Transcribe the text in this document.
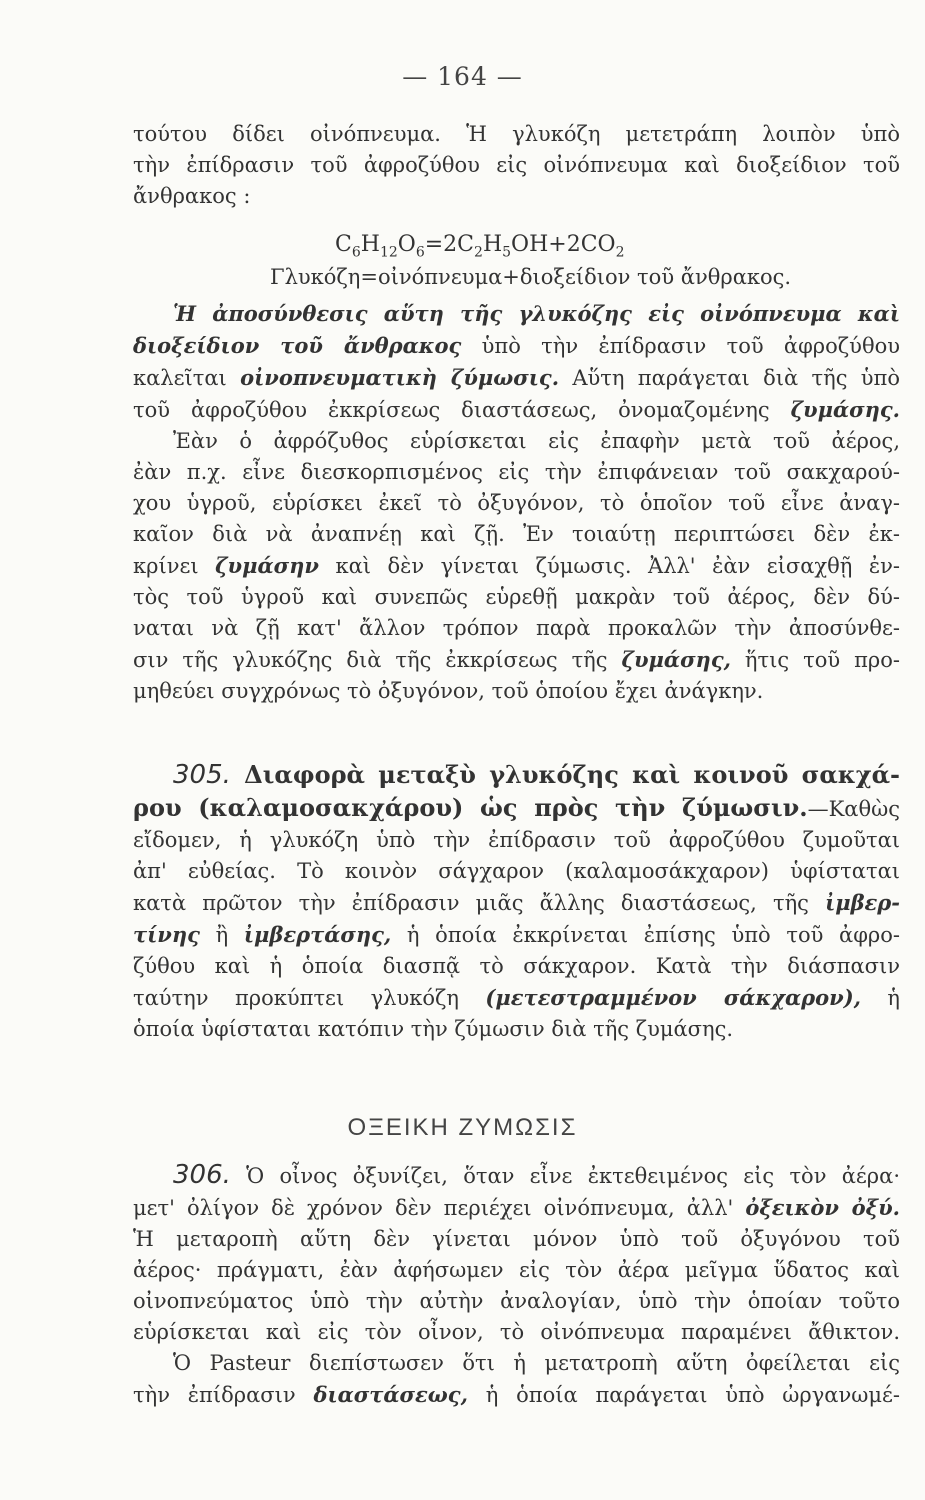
— 164 —
τούτου δίδει οἰνόπνευμα. Ἡ γλυκόζη μετετράπη λοιπὸν ὑπὸ
τὴν ἐπίδρασιν τοῦ ἀφροζύθου εἰς οἰνόπνευμα καὶ διοξείδιον τοῦ
ἄνθρακος :
$C_6H_{12}O_6=2C_2H_5OH+2CO_2$
Γλυκόζη=οἰνόπνευμα+διοξείδιον τοῦ ἄνθρακος.
Ἡ ἀποσύνθεσις αὕτη τῆς γλυκόζης εἰς οἰνόπνευμα καὶ
διοξείδιον τοῦ ἄνθρακος ὑπὸ τὴν ἐπίδρασιν τοῦ ἀφροζύθου
καλεῖται οἰνοπνευματικὴ ζύμωσις. Αὕτη παράγεται διὰ τῆς ὑπὸ
τοῦ ἀφροζύθου ἐκκρίσεως διαστάσεως, ὀνομαζομένης ζυμάσης.
Ἐὰν ὁ ἀφρόζυθος εὑρίσκεται εἰς ἐπαφὴν μετὰ τοῦ ἀέρος,
ἐὰν π.χ. εἶνε διεσκορπισμένος εἰς τὴν ἐπιφάνειαν τοῦ σακχαρού-
χου ὑγροῦ, εὑρίσκει ἐκεῖ τὸ ὀξυγόνον, τὸ ὁποῖον τοῦ εἶνε ἀναγ-
καῖον διὰ νὰ ἀναπνέῃ καὶ ζῇ. Ἐν τοιαύτῃ περιπτώσει δὲν ἐκ-
κρίνει ζυμάσην καὶ δὲν γίνεται ζύμωσις. Ἀλλ' ἐὰν εἰσαχθῇ ἐν-
τὸς τοῦ ὑγροῦ καὶ συνεπῶς εὑρεθῇ μακρὰν τοῦ ἀέρος, δὲν δύ-
ναται νὰ ζῇ κατ' ἄλλον τρόπον παρὰ προκαλῶν τὴν ἀποσύνθε-
σιν τῆς γλυκόζης διὰ τῆς ἐκκρίσεως τῆς ζυμάσης, ἥτις τοῦ προ-
μηθεύει συγχρόνως τὸ ὀξυγόνον, τοῦ ὁποίου ἔχει ἀνάγκην.
305. Διαφορὰ μεταξὺ γλυκόζης καὶ κοινοῦ σακχά-
ρου (καλαμοσακχάρου) ὡς πρὸς τὴν ζύμωσιν.—Καθὼς
εἴδομεν, ἡ γλυκόζη ὑπὸ τὴν ἐπίδρασιν τοῦ ἀφροζύθου ζυμοῦται
ἀπ' εὐθείας. Τὸ κοινὸν σάγχαρον (καλαμοσάκχαρον) ὑφίσταται
κατὰ πρῶτον τὴν ἐπίδρασιν μιᾶς ἄλλης διαστάσεως, τῆς ἰμβερ-
τίνης ἢ ἰμβερτάσης, ἡ ὁποία ἐκκρίνεται ἐπίσης ὑπὸ τοῦ ἀφρο-
ζύθου καὶ ἡ ὁποία διασπᾷ τὸ σάκχαρον. Κατὰ τὴν διάσπασιν
ταύτην προκύπτει γλυκόζη (μετεστραμμένον σάκχαρον), ἡ
ὁποία ὑφίσταται κατόπιν τὴν ζύμωσιν διὰ τῆς ζυμάσης.
ΟΞΕΙΚΗ ΖΥΜΩΣΙΣ
306. Ὁ οἶνος ὀξυνίζει, ὅταν εἶνε ἐκτεθειμένος εἰς τὸν ἀέρα·
μετ' ὀλίγον δὲ χρόνον δὲν περιέχει οἰνόπνευμα, ἀλλ' ὀξεικὸν ὀξύ.
Ἡ μεταροπὴ αὕτη δὲν γίνεται μόνον ὑπὸ τοῦ ὀξυγόνου τοῦ
ἀέρος· πράγματι, ἐὰν ἀφήσωμεν εἰς τὸν ἀέρα μεῖγμα ὕδατος καὶ
οἰνοπνεύματος ὑπὸ τὴν αὐτὴν ἀναλογίαν, ὑπὸ τὴν ὁποίαν τοῦτο
εὑρίσκεται καὶ εἰς τὸν οἶνον, τὸ οἰνόπνευμα παραμένει ἄθικτον.
Ὁ Pasteur διεπίστωσεν ὅτι ἡ μετατροπὴ αὕτη ὀφείλεται εἰς
τὴν ἐπίδρασιν διαστάσεως, ἡ ὁποία παράγεται ὑπὸ ὠργανωμέ-
